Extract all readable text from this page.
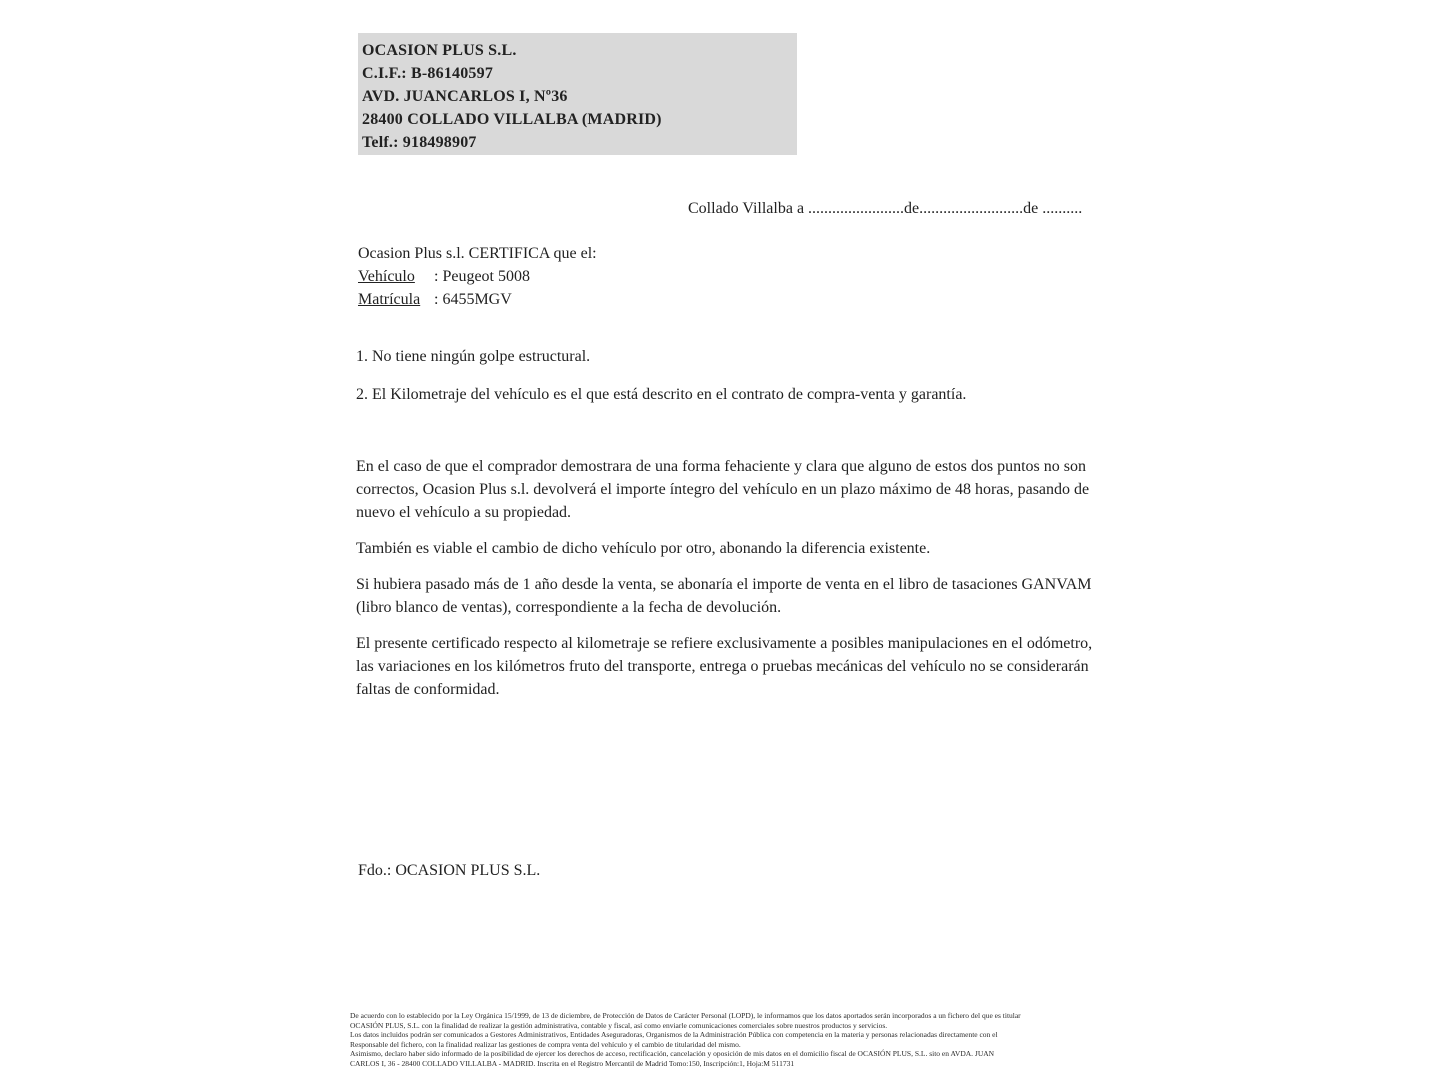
OCASION PLUS S.L.
C.I.F.: B-86140597
AVD. JUANCARLOS I, Nº36
28400 COLLADO VILLALBA (MADRID)
Telf.: 918498907
Collado Villalba a ........................de..........................de ..........
Ocasion Plus s.l. CERTIFICA que el:
Vehículo : Peugeot 5008
Matrícula : 6455MGV

1. No tiene ningún golpe estructural.

2. El Kilometraje del vehículo es el que está descrito en el contrato de compra-venta y garantía.

En el caso de que el comprador demostrara de una forma fehaciente y clara que alguno de estos dos puntos no son correctos, Ocasion Plus s.l. devolverá el importe íntegro del vehículo en un plazo máximo de 48 horas, pasando de nuevo el vehículo a su propiedad.

También es viable el cambio de dicho vehículo por otro, abonando la diferencia existente.

Si hubiera pasado más de 1 año desde la venta, se abonaría el importe de venta en el libro de tasaciones GANVAM (libro blanco de ventas), correspondiente a la fecha de devolución.

El presente certificado respecto al kilometraje se refiere exclusivamente a posibles manipulaciones en el odómetro, las variaciones en los kilómetros fruto del transporte, entrega o pruebas mecánicas del vehículo no se considerarán faltas de conformidad.

Fdo.: OCASION PLUS S.L.
De acuerdo con lo establecido por la Ley Orgánica 15/1999, de 13 de diciembre, de Protección de Datos de Carácter Personal (LOPD), le informamos que los datos aportados serán incorporados a un fichero del que es titular
OCASIÓN PLUS, S.L. con la finalidad de realizar la gestión administrativa, contable y fiscal, así como enviarle comunicaciones comerciales sobre nuestros productos y servicios.
Los datos incluidos podrán ser comunicados a Gestores Administrativos, Entidades Aseguradoras, Organismos de la Administración Pública con competencia en la materia y personas relacionadas directamente con el
Responsable del fichero, con la finalidad realizar las gestiones de compra venta del vehículo y el cambio de titularidad del mismo.
Asimismo, declaro haber sido informado de la posibilidad de ejercer los derechos de acceso, rectificación, cancelación y oposición de mis datos en el domicilio fiscal de OCASIÓN PLUS, S.L. sito en AVDA. JUAN
CARLOS I, 36 - 28400 COLLADO VILLALBA - MADRID. Inscrita en el Registro Mercantil de Madrid Tomo:150, Inscripción:1, Hoja:M 511731
